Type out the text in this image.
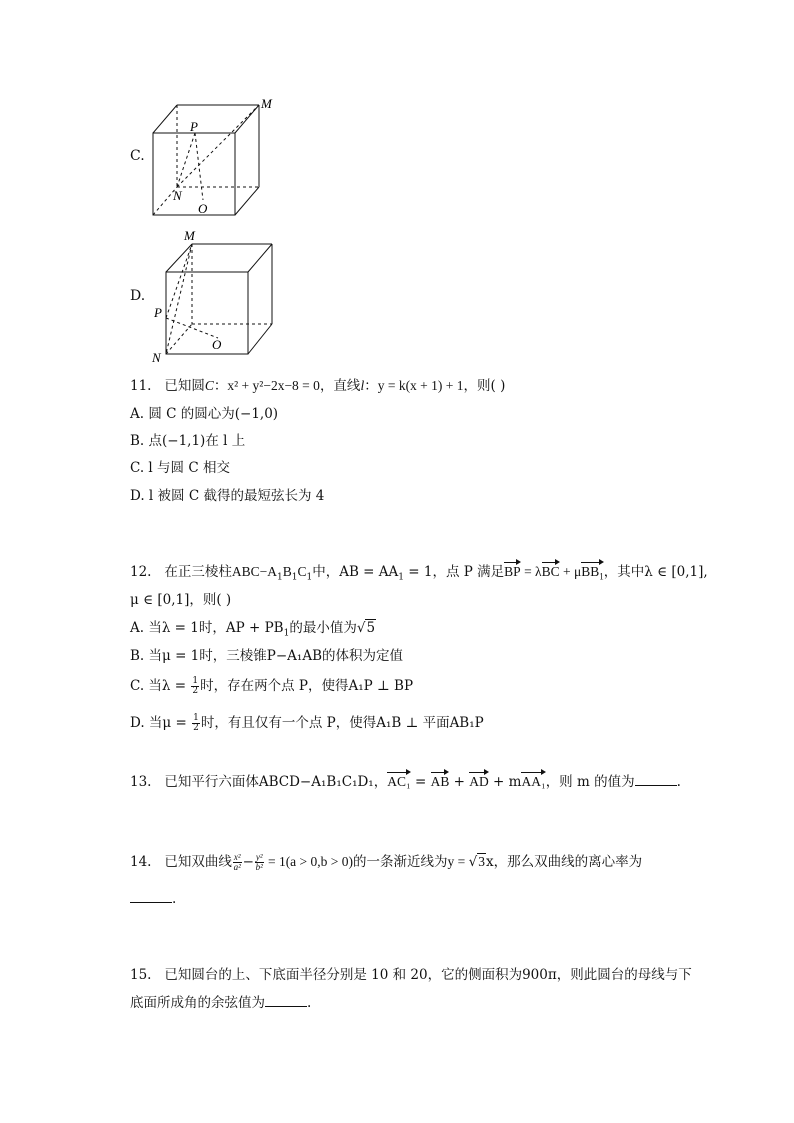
C.
M
P
N
O
D.
M
P
N
O
11. 已知圆C：x² + y²−2x−8 = 0，直线l：y = k(x + 1) + 1，则( )
A. 圆 C 的圆心为(−1,0)
B. 点(−1,1)在 l 上
C. l 与圆 C 相交
D. l 被圆 C 截得的最短弦长为 4
12. 在正三棱柱$ABC-A_1B_1C_1$中，AB = $AA_1 = 1$，点 P 满足BP = λBC + μBB$_1$，其中λ ∈ [0,1],
μ ∈ [0,1]，则( )
A. 当λ = 1时，AP + $PB_1$的最小值为√5
B. 当μ = 1时，三棱锥P−A₁AB的体积为定值
C. 当$\lambda = \frac{1}{2}$ 时，存在两个点 P，使得A₁P ⊥ BP
D. 当$\mu = \frac{1}{2}$ 时，有且仅有一个点 P，使得A₁B ⊥ 平面AB₁P
13. 已知平行六面体ABCD−A₁B₁C₁D₁，AC₁ = AB + AD + mAA₁，则 m 的值为	.
14. 已知双曲线 $\frac{\text{x²}}{\text{a²}} - \frac{\text{y²}}{\text{b²}} = 1(a > 0,b > 0)$的一条渐近线为y = √3x，那么双曲线的离心率为
.
15. 已知圆台的上、下底面半径分别是 10 和 20，它的侧面积为900π，则此圆台的母线与下
底面所成角的余弦值为	.
